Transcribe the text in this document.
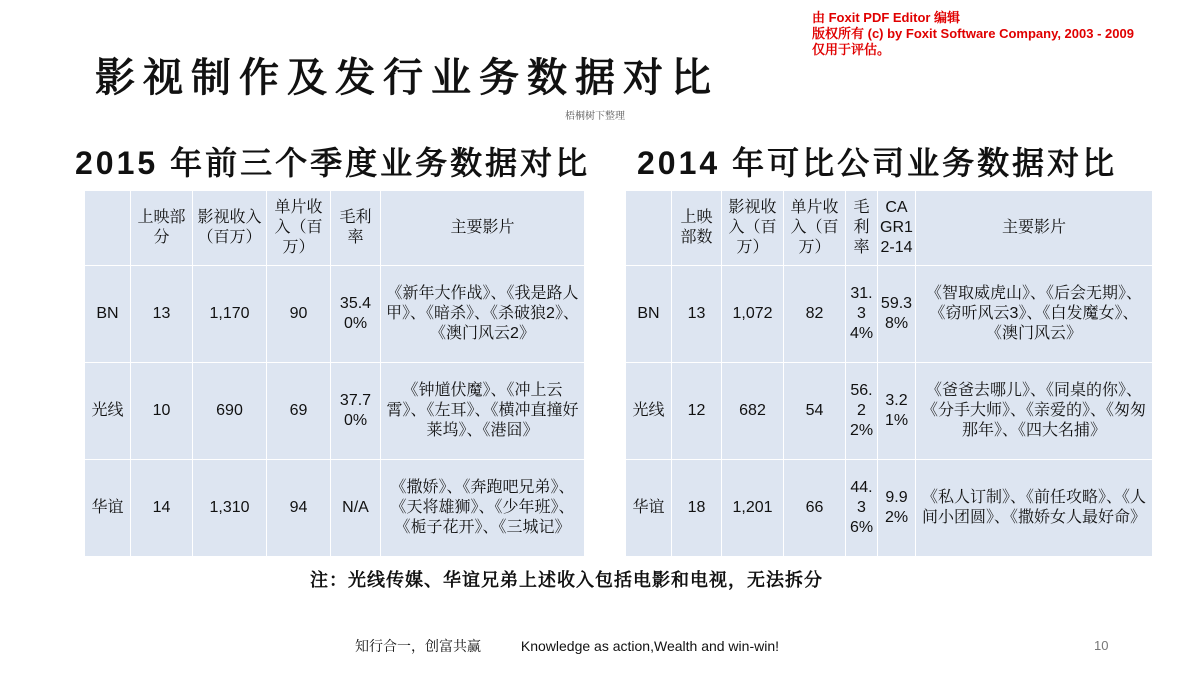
由 Foxit PDF Editor 编辑
版权所有 (c) by Foxit Software Company, 2003 - 2009
仅用于评估。
影视制作及发行业务数据对比
梧桐树下整理
2015 年前三个季度业务数据对比 2014 年可比公司业务数据对比
	上映部分	影视收入（百万）	单片收入（百万）	毛利率	主要影片
BN	13	1,170	90	35.40%	《新年大作战》、《我是路人甲》、《暗杀》、《杀破狼2》、《澳门风云2》
光线	10	690	69	37.70%	《钟馗伏魔》、《冲上云霄》、《左耳》、《横冲直撞好莱坞》、《港囧》
华谊	14	1,310	94	N/A	《撒娇》、《奔跑吧兄弟》、《天将雄狮》、《少年班》、《栀子花开》、《三城记》
	上映部数	影视收入（百万）	单片收入（百万）	毛利率	CAGR12-14	主要影片
BN	13	1,072	82	31.34%	59.38%	《智取威虎山》、《后会无期》、《窃听风云3》、《白发魔女》、《澳门风云》
光线	12	682	54	56.22%	3.21%	《爸爸去哪儿》、《同桌的你》、《分手大师》、《亲爱的》、《匆匆那年》、《四大名捕》
华谊	18	1,201	66	44.36%	9.92%	《私人订制》、《前任攻略》、《人间小团圆》、《撒娇女人最好命》
注：光线传媒、华谊兄弟上述收入包括电影和电视，无法拆分
知行合一，创富共赢	Knowledge as action,Wealth and win-win!	10
